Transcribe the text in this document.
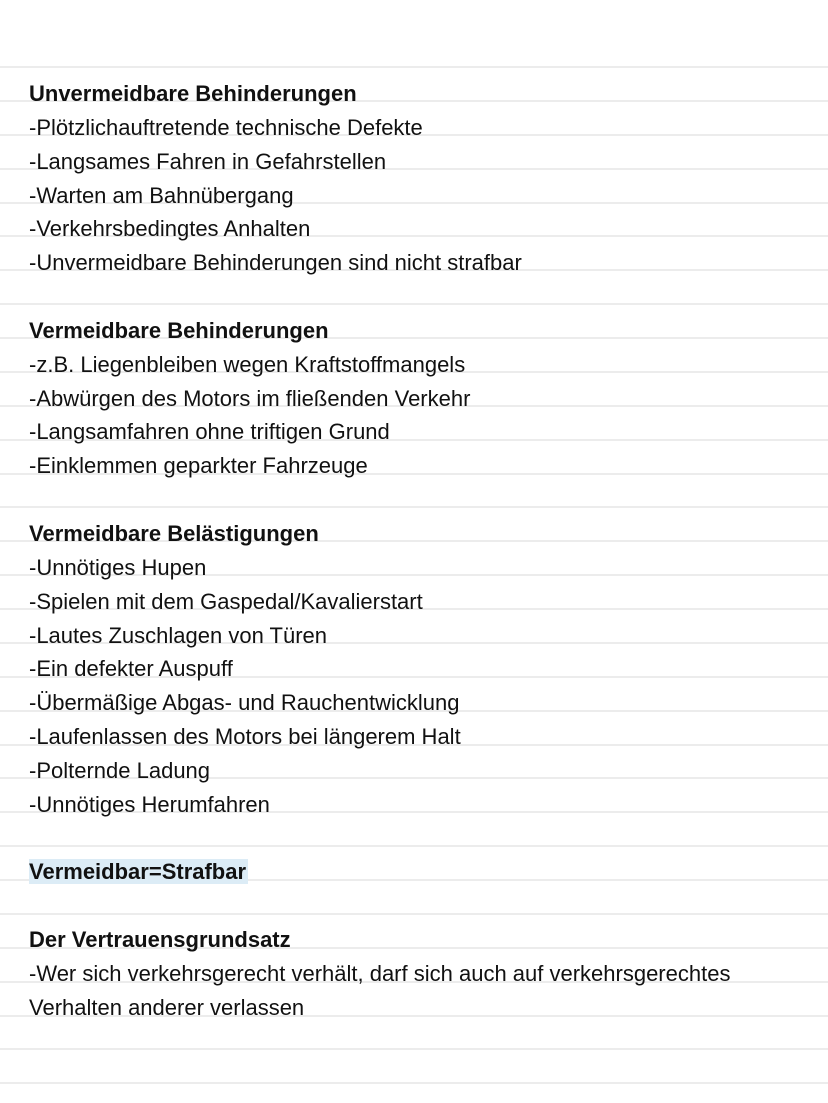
Unvermeidbare Behinderungen
-Plötzlichauftretende technische Defekte
-Langsames Fahren in Gefahrstellen
-Warten am Bahnübergang
-Verkehrsbedingtes Anhalten
-Unvermeidbare Behinderungen sind nicht strafbar
Vermeidbare Behinderungen
-z.B. Liegenbleiben wegen Kraftstoffmangels
-Abwürgen des Motors im fließenden Verkehr
-Langsamfahren ohne triftigen Grund
-Einklemmen geparkter Fahrzeuge
Vermeidbare Belästigungen
-Unnötiges Hupen
-Spielen mit dem Gaspedal/Kavalierstart
-Lautes Zuschlagen von Türen
-Ein defekter Auspuff
-Übermäßige Abgas- und Rauchentwicklung
-Laufenlassen des Motors bei längerem Halt
-Polternde Ladung
-Unnötiges Herumfahren
Vermeidbar=Strafbar
Der Vertrauensgrundsatz
-Wer sich verkehrsgerecht verhält, darf sich auch auf verkehrsgerechtes
Verhalten anderer verlassen
